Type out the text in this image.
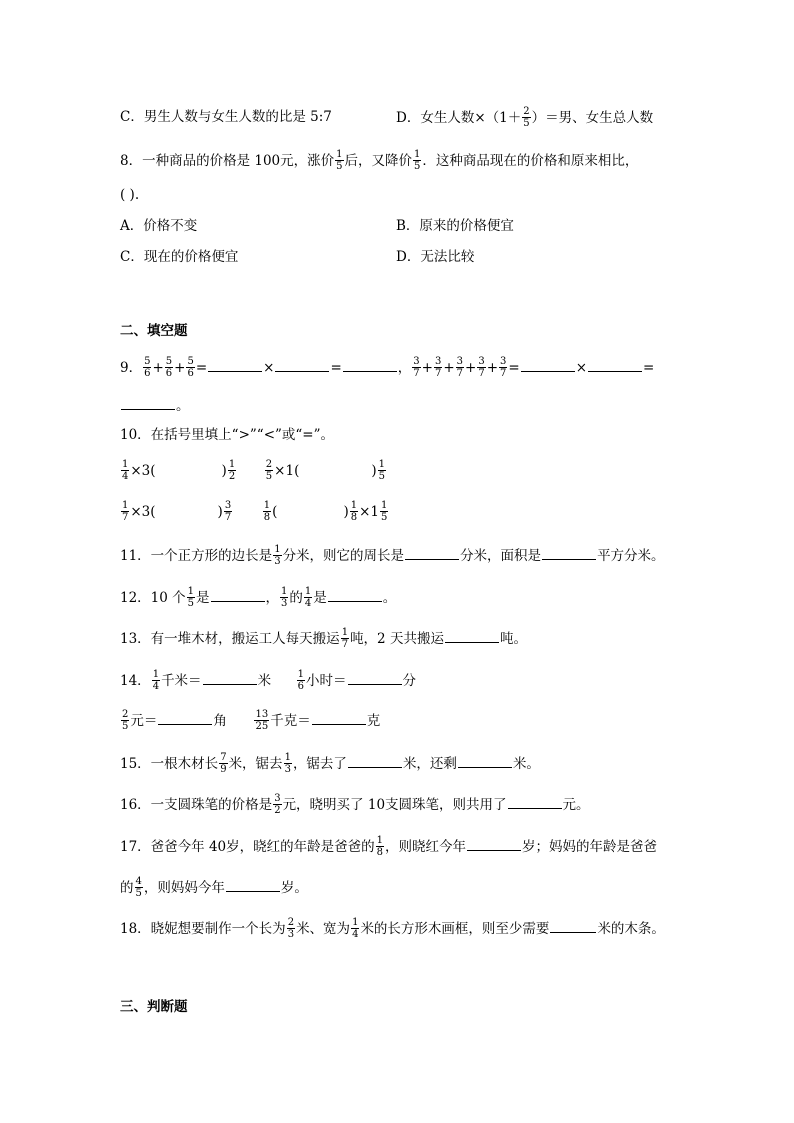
C．男生人数与女生人数的比是 5:7	D．女生人数$\times(1+ \frac{2}{5}$ ）＝男、女生总人数
8．一种商品的价格是 100元，涨价 $\frac{1}{5}$ 后，又降价 $\frac{1}{5}$ ．这种商品现在的价格和原来相比，
( ).
A．价格不变	B．原来的价格便宜
C．现在的价格便宜	D．无法比较
二、填空题
9． $\frac{5}{6} + \frac{5}{6} + \frac{5}{6}$ =	×	=	， $\frac{3}{7} + \frac{3}{7} + \frac{3}{7} + \frac{3}{7} + \frac{3}{7}$ =	×	=
。
10．在括号里填上“>”“<”或“=”。
$\frac{1}{4} \times 3$(	) $\frac{1}{2}$
	$\frac{2}{5} \times 1$(	) $\frac{1}{5}$
$\frac{1}{7} \times 3$(	) $\frac{3}{7}$
	$\frac{1}{8}$ (	) $\frac{1}{8} \times 1 \frac{1}{5}$
11．一个正方形的边长是 $\frac{1}{3}$ 分米，则它的周长是	分米，面积是	平方分米。
12．10 个 $\frac{1}{5}$ 是	， $\frac{1}{3}$ 的 $\frac{1}{4}$ 是	。
13．有一堆木材，搬运工人每天搬运 $\frac{1}{7}$ 吨，2 天共搬运	吨。
14． $\frac{1}{4}$ 千米＝	米	$\frac{1}{6}$ 小时＝	分
$\frac{2}{5}$ 元＝	角	$\frac{13}{25}$ 千克＝	克
15．一根木材长 $\frac{7}{9}$ 米，锯去 $\frac{1}{3}$ ，锯去了	米，还剩	米。
16．一支圆珠笔的价格是 $\frac{3}{2}$ 元，晓明买了 10支圆珠笔，则共用了	元。
17．爸爸今年 40岁，晓红的年龄是爸爸的 $\frac{1}{8}$ ，则晓红今年	岁；妈妈的年龄是爸爸
的 $\frac{4}{5}$ ，则妈妈今年	岁。
18．晓妮想要制作一个长为 $\frac{2}{3}$ 米、宽为 $\frac{1}{4}$ 米的长方形木画框，则至少需要	米的木条。
三、判断题
